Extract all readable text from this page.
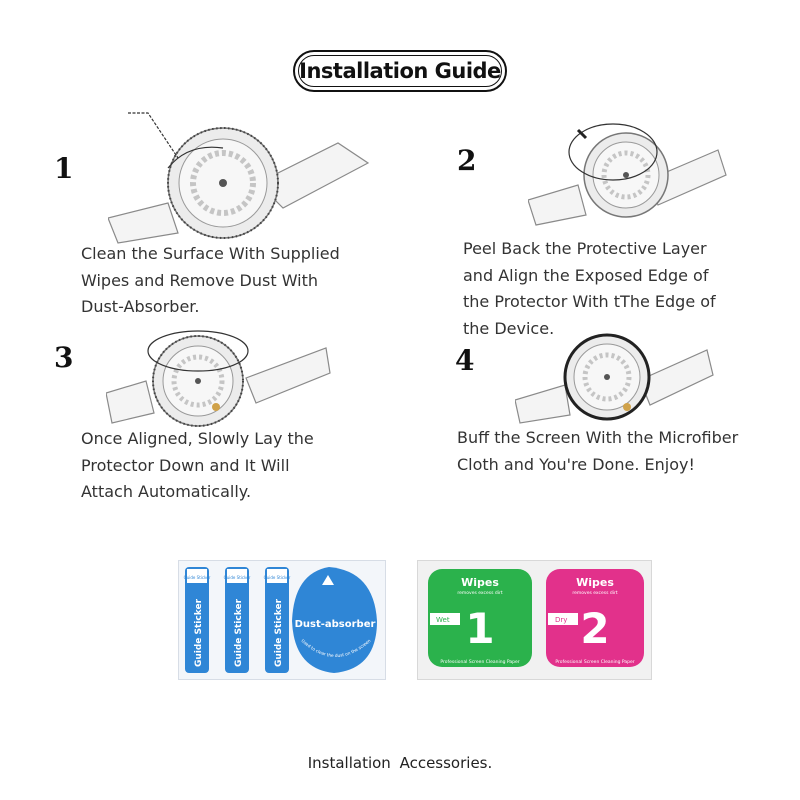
Installation Guide
1
Clean the Surface With Supplied
Wipes and Remove Dust With
Dust-Absorber.
2
Peel Back the Protective Layer
and Align the Exposed Edge of
the Protector With tThe Edge of
the Device.
3
Once Aligned, Slowly Lay the
Protector Down and It Will
Attach Automatically.
4
Buff the Screen With the Microfiber
Cloth and You're Done. Enjoy!
Guide Sticker	Guide Sticker	Guide Sticker
Guide Sticker	Guide Sticker	Guide Sticker Dust-absorber
Used to clear the dust on the screen
Wipes
removes excess dirt
Wet 1
Professional Screen Cleaning Paper
Wipes
removes excess dirt
Dry 2
Professional Screen Cleaning Paper
Installation Accessories.
